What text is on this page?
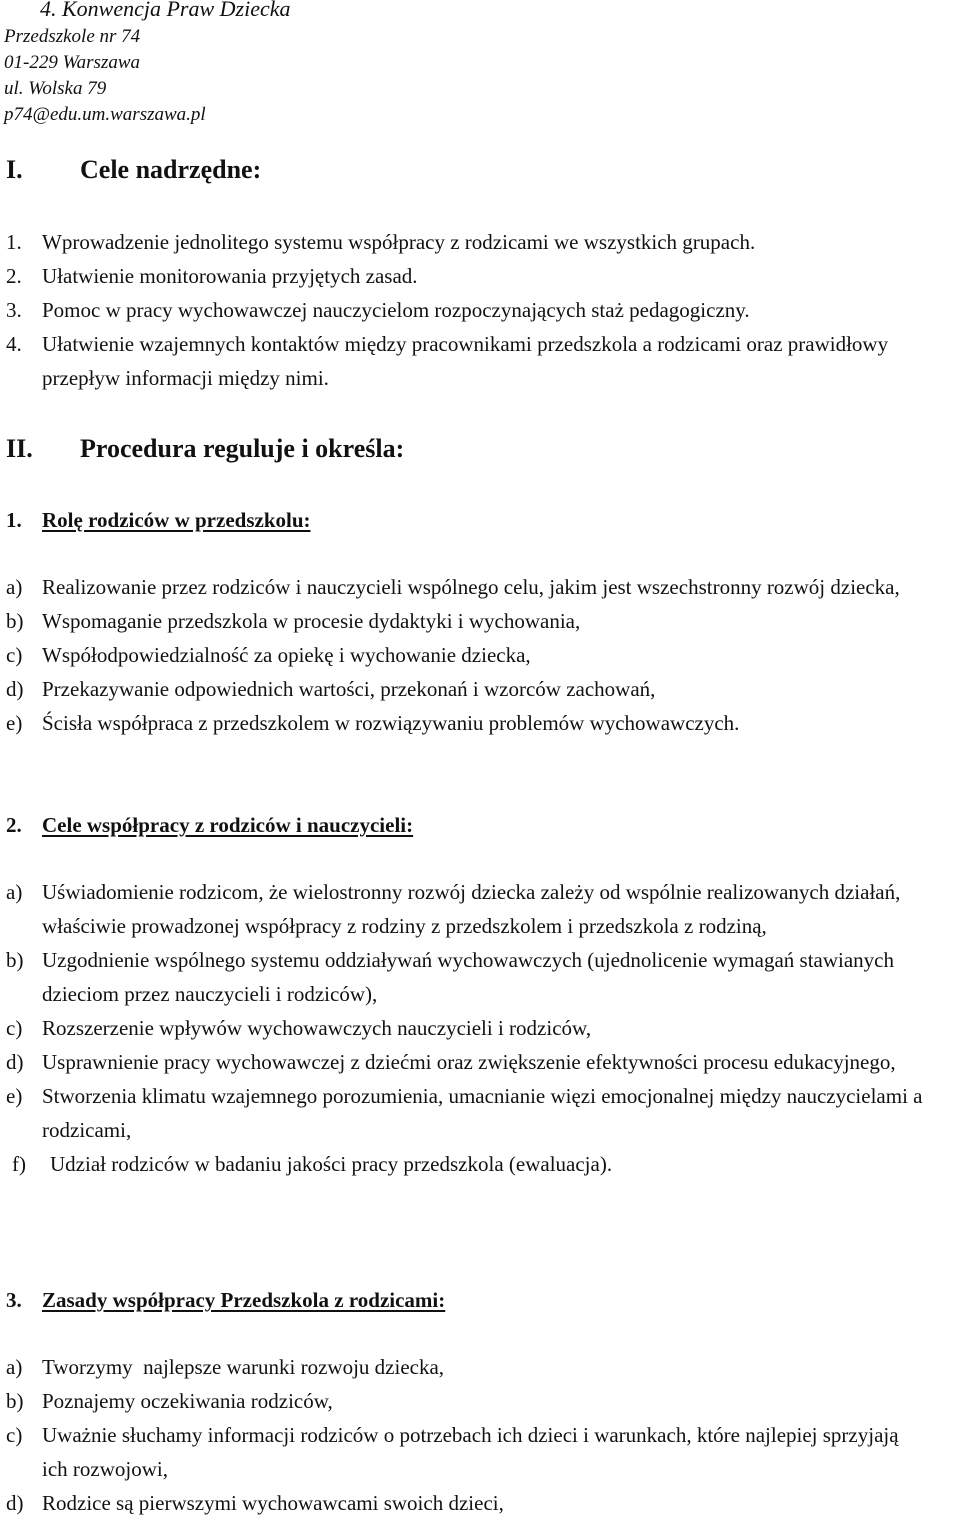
4. Konwencja Praw Dziecka
Przedszkole nr 74
01-229 Warszawa
ul. Wolska 79
p74@edu.um.warszawa.pl
I.	Cele nadrzędne:
1. Wprowadzenie jednolitego systemu współpracy z rodzicami we wszystkich grupach.
2. Ułatwienie monitorowania przyjętych zasad.
3. Pomoc w pracy wychowawczej nauczycielom rozpoczynających staż pedagogiczny.
4. Ułatwienie wzajemnych kontaktów między pracownikami przedszkola a rodzicami oraz prawidłowy przepływ informacji między nimi.
II.	Procedura reguluje i określa:
1. Rolę rodziców w przedszkolu:
a) Realizowanie przez rodziców i nauczycieli wspólnego celu, jakim jest wszechstronny rozwój dziecka,
b) Wspomaganie przedszkola w procesie dydaktyki i wychowania,
c) Współodpowiedzialność za opiekę i wychowanie dziecka,
d) Przekazywanie odpowiednich wartości, przekonań i wzorców zachowań,
e) Ścisła współpraca z przedszkolem w rozwiązywaniu problemów wychowawczych.
2. Cele współpracy z rodziców i nauczycieli:
a) Uświadomienie rodzicom, że wielostronny rozwój dziecka zależy od wspólnie realizowanych działań, właściwie prowadzonej współpracy z rodziny z przedszkolem i przedszkola z rodziną,
b) Uzgodnienie wspólnego systemu oddziaływań wychowawczych (ujednolicenie wymagań stawianych dzieciom przez nauczycieli i rodziców),
c) Rozszerzenie wpływów wychowawczych nauczycieli i rodziców,
d) Usprawnienie pracy wychowawczej z dziećmi oraz zwiększenie efektywności procesu edukacyjnego,
e) Stworzenia klimatu wzajemnego porozumienia, umacnianie więzi emocjonalnej między nauczycielami a rodzicami,
f)	Udział rodziców w badaniu jakości pracy przedszkola (ewaluacja).
3. Zasady współpracy Przedszkola z rodzicami:
a) Tworzymy  najlepsze warunki rozwoju dziecka,
b) Poznajemy oczekiwania rodziców,
c) Uważnie słuchamy informacji rodziców o potrzebach ich dzieci i warunkach, które najlepiej sprzyjają ich rozwojowi,
d) Rodzice są pierwszymi wychowawcami swoich dzieci,
